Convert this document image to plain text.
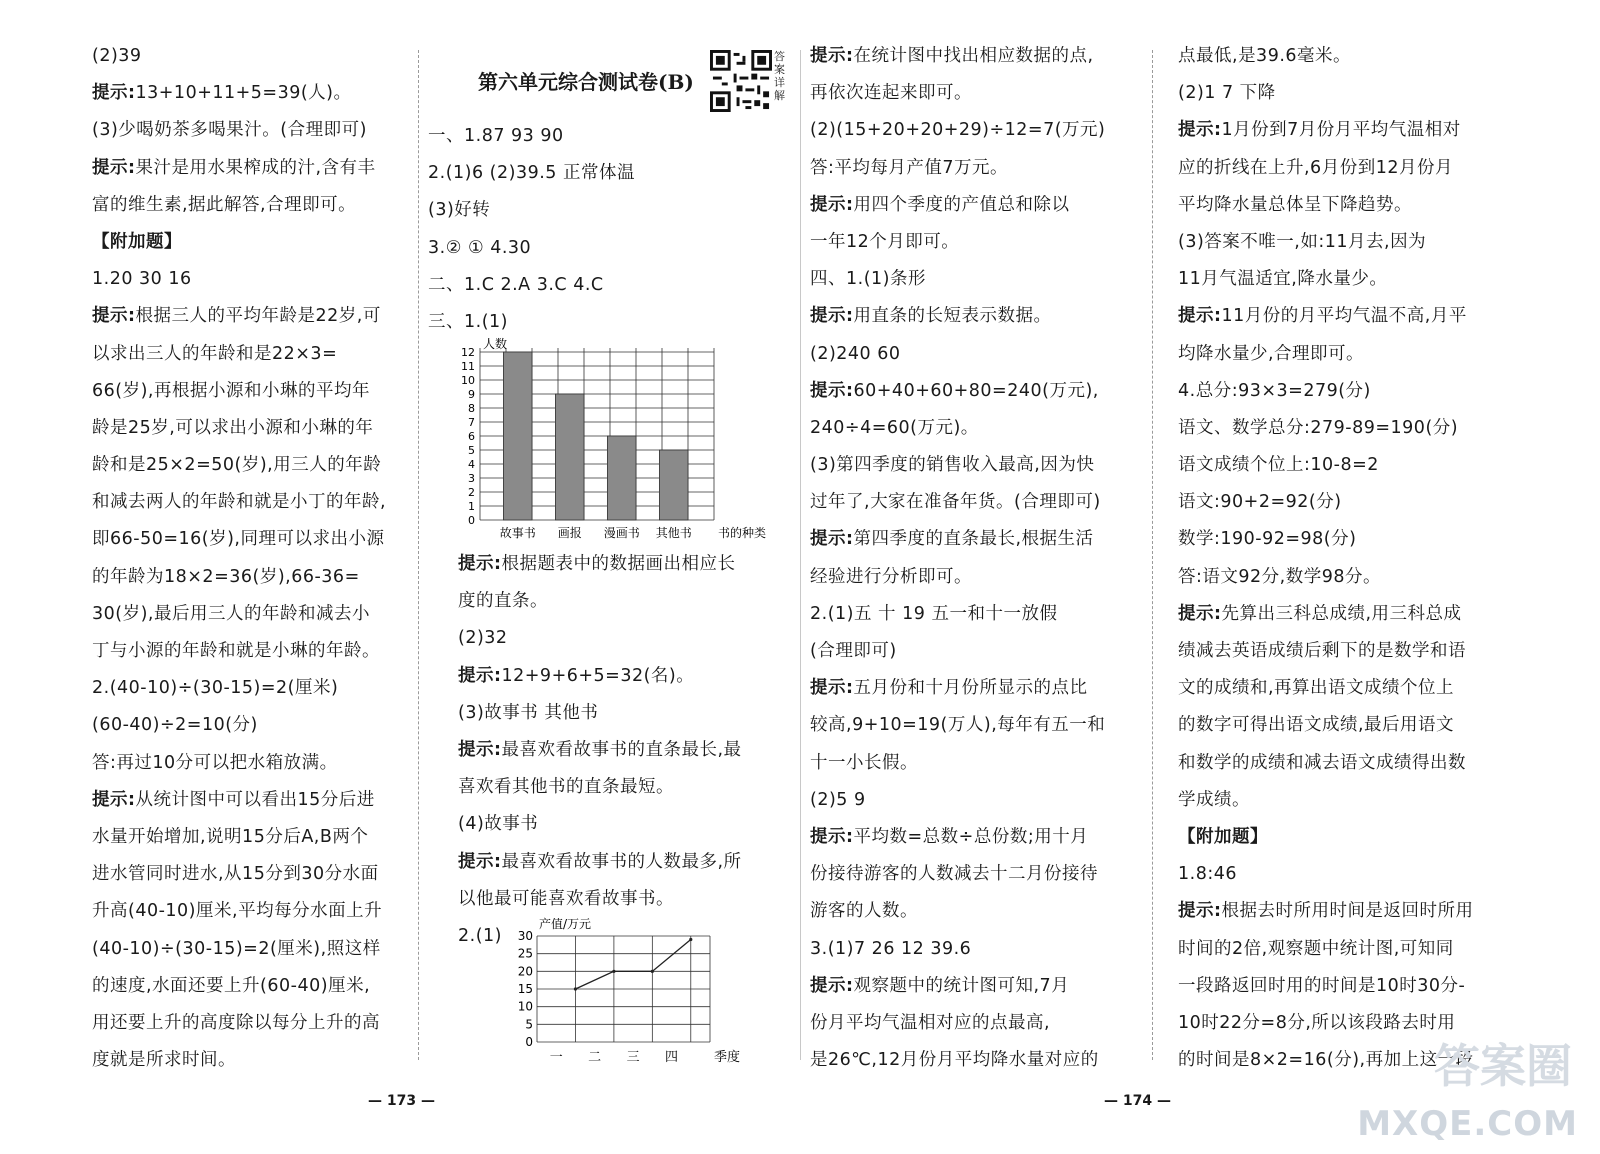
(2)39
提示:13+10+11+5=39(人)。
(3)少喝奶茶多喝果汁。(合理即可)
提示:果汁是用水果榨成的汁,含有丰
富的维生素,据此解答,合理即可。
【附加题】
1.20 30 16
提示:根据三人的平均年龄是22岁,可
以求出三人的年龄和是22×3=
66(岁),再根据小源和小琳的平均年
龄是25岁,可以求出小源和小琳的年
龄和是25×2=50(岁),用三人的年龄
和减去两人的年龄和就是小丁的年龄,
即66-50=16(岁),同理可以求出小源
的年龄为18×2=36(岁),66-36=
30(岁),最后用三人的年龄和减去小
丁与小源的年龄和就是小琳的年龄。
2.(40-10)÷(30-15)=2(厘米)
(60-40)÷2=10(分)
答:再过10分可以把水箱放满。
提示:从统计图中可以看出15分后进
水量开始增加,说明15分后A,B两个
进水管同时进水,从15分到30分水面
升高(40-10)厘米,平均每分水面上升
(40-10)÷(30-15)=2(厘米),照这样
的速度,水面还要上升(60-40)厘米,
用还要上升的高度除以每分上升的高
度就是所求时间。
第六单元综合测试卷(B)
答案详解
一、1.87 93 90
2.(1)6 (2)39.5 正常体温
(3)好转
3.② ① 4.30
二、1.C 2.A 3.C 4.C
三、1.(1)
0
1
2
3
4
5
6
7
8
9
10
11
12
人数
故事书 画报 漫画书 其他书 书的种类
提示:根据题表中的数据画出相应长
度的直条。
(2)32
提示:12+9+6+5=32(名)。
(3)故事书 其他书
提示:最喜欢看故事书的直条最长,最
喜欢看其他书的直条最短。
(4)故事书
提示:最喜欢看故事书的人数最多,所
以他最可能喜欢看故事书。
2.(1)
0
5
10
15
20
25
30
产值/万元
一 二 三 四	季度
提示:在统计图中找出相应数据的点,
再依次连起来即可。
(2)(15+20+20+29)÷12=7(万元)
答:平均每月产值7万元。
提示:用四个季度的产值总和除以
一年12个月即可。
四、1.(1)条形
提示:用直条的长短表示数据。
(2)240 60
提示:60+40+60+80=240(万元),
240÷4=60(万元)。
(3)第四季度的销售收入最高,因为快
过年了,大家在准备年货。(合理即可)
提示:第四季度的直条最长,根据生活
经验进行分析即可。
2.(1)五 十 19 五一和十一放假
(合理即可)
提示:五月份和十月份所显示的点比
较高,9+10=19(万人),每年有五一和
十一小长假。
(2)5 9
提示:平均数=总数÷总份数;用十月
份接待游客的人数减去十二月份接待
游客的人数。
3.(1)7 26 12 39.6
提示:观察题中的统计图可知,7月
份月平均气温相对应的点最高,
是26℃,12月份月平均降水量对应的
点最低,是39.6毫米。
(2)1 7 下降
提示:1月份到7月份月平均气温相对
应的折线在上升,6月份到12月份月
平均降水量总体呈下降趋势。
(3)答案不唯一,如:11月去,因为
11月气温适宜,降水量少。
提示:11月份的月平均气温不高,月平
均降水量少,合理即可。
4.总分:93×3=279(分)
语文、数学总分:279-89=190(分)
语文成绩个位上:10-8=2
语文:90+2=92(分)
数学:190-92=98(分)
答:语文92分,数学98分。
提示:先算出三科总成绩,用三科总成
绩减去英语成绩后剩下的是数学和语
文的成绩和,再算出语文成绩个位上
的数字可得出语文成绩,最后用语文
和数学的成绩和减去语文成绩得出数
学成绩。
【附加题】
1.8:46
提示:根据去时所用时间是返回时所用
时间的2倍,观察题中统计图,可知同
一段路返回时用的时间是10时30分-
10时22分=8分,所以该段路去时用
的时间是8×2=16(分),再加上这一段
— 173 —	— 174 —
答案圈
MXQE.COM
